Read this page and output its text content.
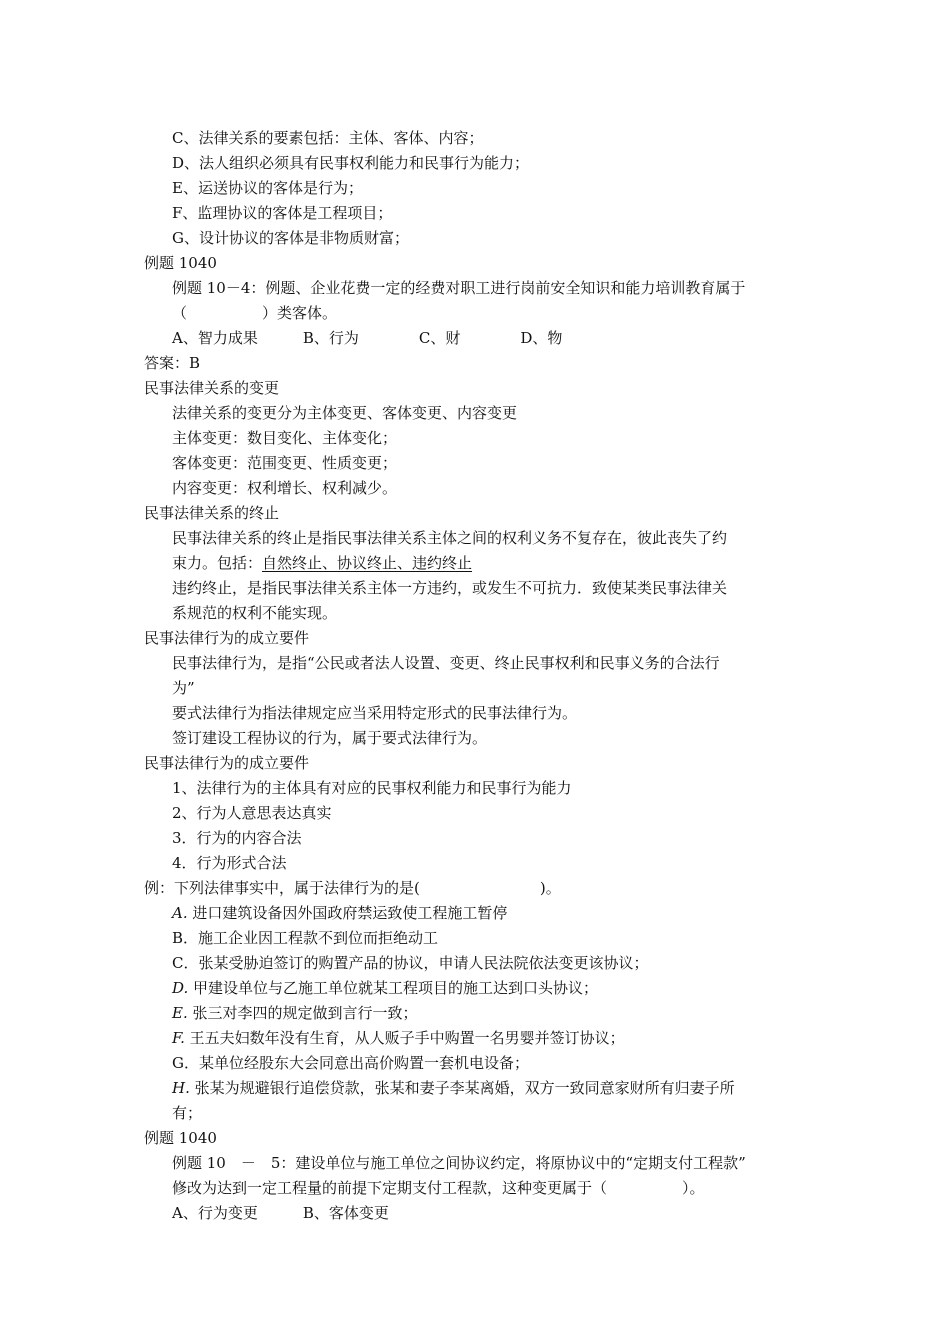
C、法律关系的要素包括：主体、客体、内容；
D、法人组织必须具有民事权利能力和民事行为能力；
E、运送协议的客体是行为；
F、监理协议的客体是工程项目；
G、设计协议的客体是非物质财富；
例题 1040
例题 10－4：例题、企业花费一定的经费对职工进行岗前安全知识和能力培训教育属于
（　　　　　）类客体。
A、智力成果　　　B、行为　　　　C、财　　　　D、物
答案：B
民事法律关系的变更
法律关系的变更分为主体变更、客体变更、内容变更
主体变更：数目变化、主体变化；
客体变更：范围变更、性质变更；
内容变更：权利增长、权利减少。
民事法律关系的终止
民事法律关系的终止是指民事法律关系主体之间的权利义务不复存在，彼此丧失了约
束力。包括：自然终止、协议终止、违约终止
违约终止，是指民事法律关系主体一方违约，或发生不可抗力．致使某类民事法律关
系规范的权利不能实现。
民事法律行为的成立要件
民事法律行为，是指“公民或者法人设置、变更、终止民事权利和民事义务的合法行
为”
要式法律行为指法律规定应当采用特定形式的民事法律行为。
签订建设工程协议的行为，属于要式法律行为。
民事法律行为的成立要件
1、法律行为的主体具有对应的民事权利能力和民事行为能力
2、行为人意思表达真实
3．行为的内容合法
4．行为形式合法
例：下列法律事实中，属于法律行为的是(　　　　　　　　)。
A. 进口建筑设备因外国政府禁运致使工程施工暂停
B．施工企业因工程款不到位而拒绝动工
C．张某受胁迫签订的购置产品的协议，申请人民法院依法变更该协议；
D. 甲建设单位与乙施工单位就某工程项目的施工达到口头协议；
E. 张三对李四的规定做到言行一致；
F. 王五夫妇数年没有生育，从人贩子手中购置一名男婴并签订协议；
G．某单位经股东大会同意出高价购置一套机电设备；
H. 张某为规避银行追偿贷款，张某和妻子李某离婚，双方一致同意家财所有归妻子所
有；
例题 1040
例题 10　－　5：建设单位与施工单位之间协议约定，将原协议中的“定期支付工程款”
修改为达到一定工程量的前提下定期支付工程款，这种变更属于（　　　　　）。
A、行为变更　　　B、客体变更
